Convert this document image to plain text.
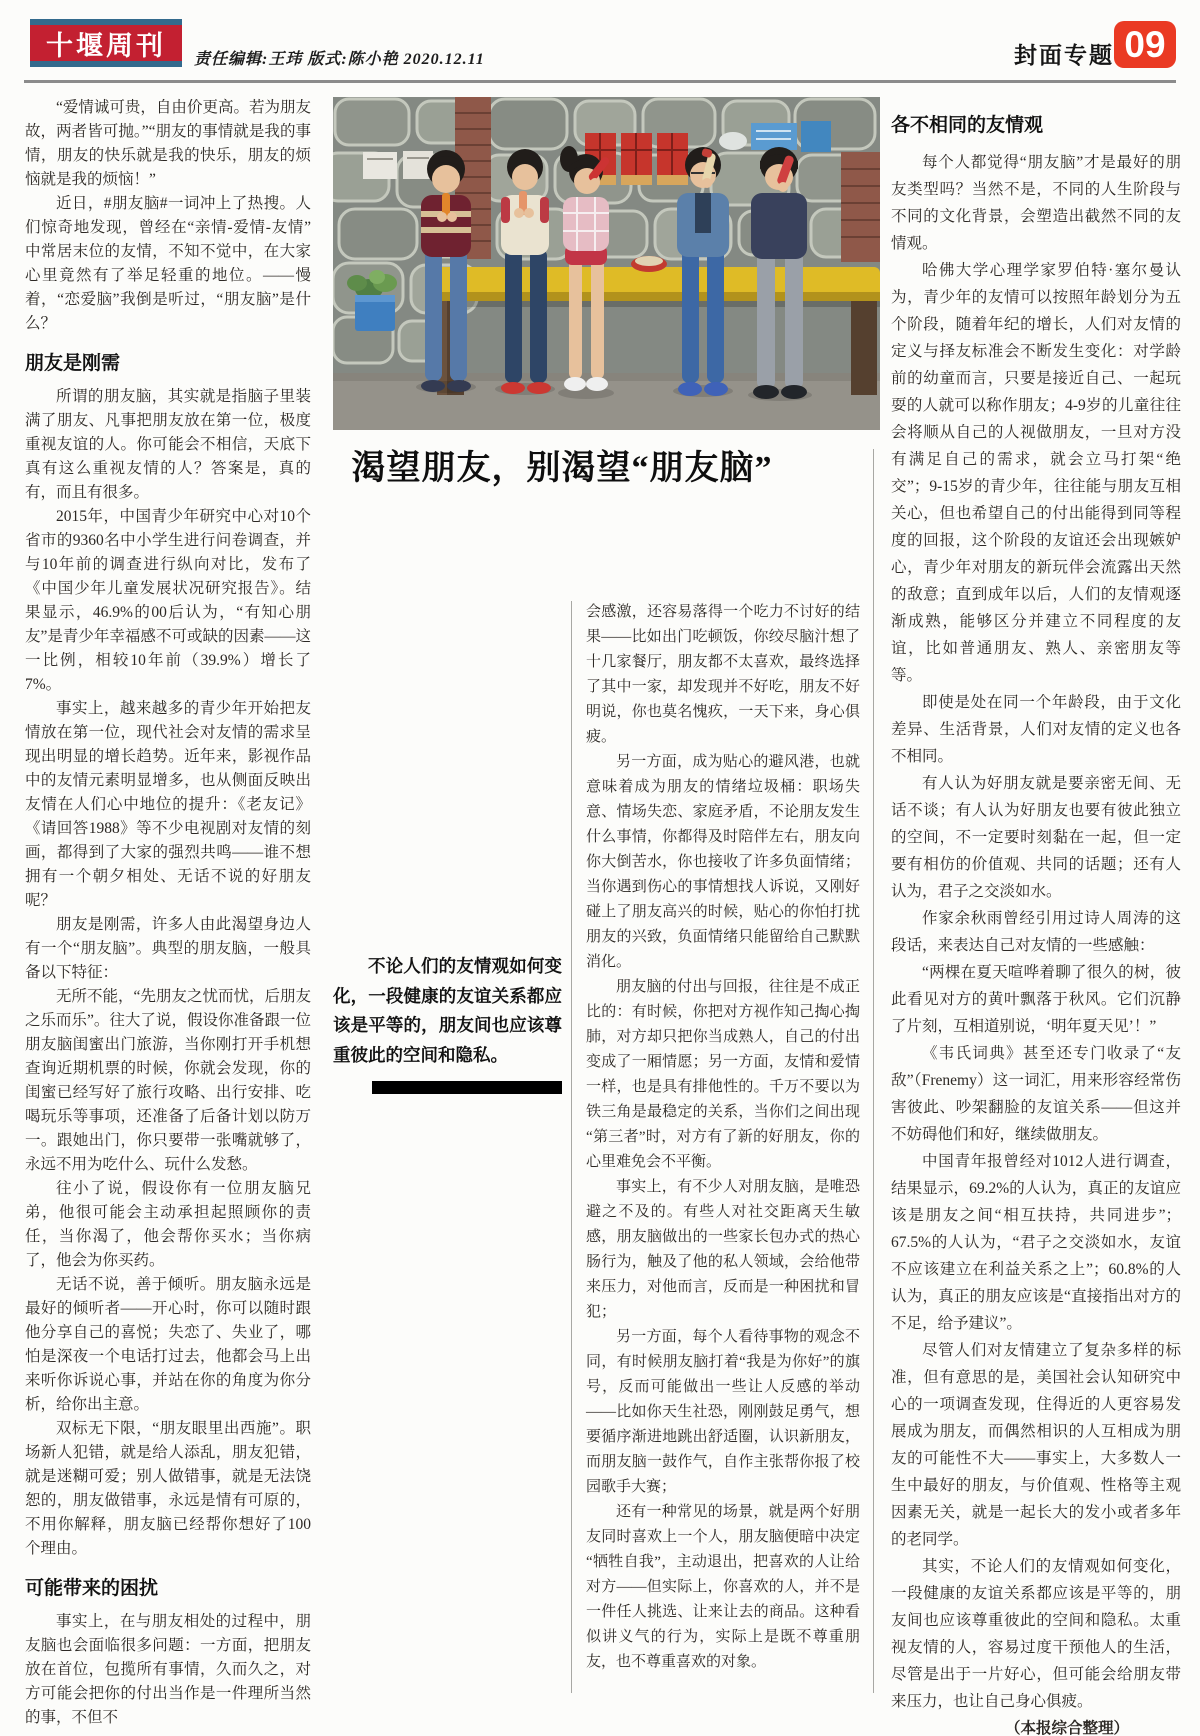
十堰周刊	责任编辑:王玮 版式:陈小艳 2020.12.11	封面专题 09

“爱情诚可贵，自由价更高。若为朋友故，两者皆可抛。”“朋友的事情就是我的事情，朋友的快乐就是我的快乐，朋友的烦恼就是我的烦恼！”

近日，#朋友脑#一词冲上了热搜。人们惊奇地发现，曾经在“亲情-爱情-友情”中常居末位的友情，不知不觉中，在大家心里竟然有了举足轻重的地位。——慢着，“恋爱脑”我倒是听过，“朋友脑”是什么？

朋友是刚需

所谓的朋友脑，其实就是指脑子里装满了朋友、凡事把朋友放在第一位，极度重视友谊的人。你可能会不相信，天底下真有这么重视友情的人？答案是，真的有，而且有很多。

2015年，中国青少年研究中心对10个省市的9360名中小学生进行问卷调查，并与10年前的调查进行纵向对比，发布了《中国少年儿童发展状况研究报告》。结果显示，46.9%的00后认为，“有知心朋友”是青少年幸福感不可或缺的因素——这一比例，相较10年前（39.9%）增长了7%。

事实上，越来越多的青少年开始把友情放在第一位，现代社会对友情的需求呈现出明显的增长趋势。近年来，影视作品中的友情元素明显增多，也从侧面反映出友情在人们心中地位的提升：《老友记》《请回答1988》等不少电视剧对友情的刻画，都得到了大家的强烈共鸣——谁不想拥有一个朝夕相处、无话不说的好朋友呢？

朋友是刚需，许多人由此渴望身边人有一个“朋友脑”。典型的朋友脑，一般具备以下特征：

无所不能，“先朋友之忧而忧，后朋友之乐而乐”。往大了说，假设你准备跟一位朋友脑闺蜜出门旅游，当你刚打开手机想查询近期机票的时候，你就会发现，你的闺蜜已经写好了旅行攻略、出行安排、吃喝玩乐等事项，还准备了后备计划以防万一。跟她出门，你只要带一张嘴就够了，永远不用为吃什么、玩什么发愁。

往小了说，假设你有一位朋友脑兄弟，他很可能会主动承担起照顾你的责任，当你渴了，他会帮你买水；当你病了，他会为你买药。

无话不说，善于倾听。朋友脑永远是最好的倾听者——开心时，你可以随时跟他分享自己的喜悦；失恋了、失业了，哪怕是深夜一个电话打过去，他都会马上出来听你诉说心事，并站在你的角度为你分析，给你出主意。

双标无下限，“朋友眼里出西施”。职场新人犯错，就是给人添乱，朋友犯错，就是迷糊可爱；别人做错事，就是无法饶恕的，朋友做错事，永远是情有可原的，不用你解释，朋友脑已经帮你想好了100个理由。

可能带来的困扰

事实上，在与朋友相处的过程中，朋友脑也会面临很多问题：一方面，把朋友放在首位，包揽所有事情，久而久之，对方可能会把你的付出当作是一件理所当然的事，不但不

渴望朋友，别渴望“朋友脑”

不论人们的友情观如何变化，一段健康的友谊关系都应该是平等的，朋友间也应该尊重彼此的空间和隐私。

会感激，还容易落得一个吃力不讨好的结果——比如出门吃顿饭，你绞尽脑汁想了十几家餐厅，朋友都不太喜欢，最终选择了其中一家，却发现并不好吃，朋友不好明说，你也莫名愧疚，一天下来，身心俱疲。

另一方面，成为贴心的避风港，也就意味着成为朋友的情绪垃圾桶：职场失意、情场失恋、家庭矛盾，不论朋友发生什么事情，你都得及时陪伴左右，朋友向你大倒苦水，你也接收了许多负面情绪；当你遇到伤心的事情想找人诉说，又刚好碰上了朋友高兴的时候，贴心的你怕打扰朋友的兴致，负面情绪只能留给自己默默消化。

朋友脑的付出与回报，往往是不成正比的：有时候，你把对方视作知己掏心掏肺，对方却只把你当成熟人，自己的付出变成了一厢情愿；另一方面，友情和爱情一样，也是具有排他性的。千万不要以为铁三角是最稳定的关系，当你们之间出现“第三者”时，对方有了新的好朋友，你的心里难免会不平衡。

事实上，有不少人对朋友脑，是唯恐避之不及的。有些人对社交距离天生敏感，朋友脑做出的一些家长包办式的热心肠行为，触及了他的私人领域，会给他带来压力，对他而言，反而是一种困扰和冒犯；

另一方面，每个人看待事物的观念不同，有时候朋友脑打着“我是为你好”的旗号，反而可能做出一些让人反感的举动——比如你天生社恐，刚刚鼓足勇气，想要循序渐进地跳出舒适圈，认识新朋友，而朋友脑一鼓作气，自作主张帮你报了校园歌手大赛；

还有一种常见的场景，就是两个好朋友同时喜欢上一个人，朋友脑便暗中决定“牺牲自我”，主动退出，把喜欢的人让给对方——但实际上，你喜欢的人，并不是一件任人挑选、让来让去的商品。这种看似讲义气的行为，实际上是既不尊重朋友，也不尊重喜欢的对象。

各不相同的友情观

每个人都觉得“朋友脑”才是最好的朋友类型吗？当然不是，不同的人生阶段与不同的文化背景，会塑造出截然不同的友情观。

哈佛大学心理学家罗伯特·塞尔曼认为，青少年的友情可以按照年龄划分为五个阶段，随着年纪的增长，人们对友情的定义与择友标准会不断发生变化：对学龄前的幼童而言，只要是接近自己、一起玩耍的人就可以称作朋友；4-9岁的儿童往往会将顺从自己的人视做朋友，一旦对方没有满足自己的需求，就会立马打架“绝交”；9-15岁的青少年，往往能与朋友互相关心，但也希望自己的付出能得到同等程度的回报，这个阶段的友谊还会出现嫉妒心，青少年对朋友的新玩伴会流露出天然的敌意；直到成年以后，人们的友情观逐渐成熟，能够区分并建立不同程度的友谊，比如普通朋友、熟人、亲密朋友等等。

即使是处在同一个年龄段，由于文化差异、生活背景，人们对友情的定义也各不相同。

有人认为好朋友就是要亲密无间、无话不谈；有人认为好朋友也要有彼此独立的空间，不一定要时刻黏在一起，但一定要有相仿的价值观、共同的话题；还有人认为，君子之交淡如水。

作家余秋雨曾经引用过诗人周涛的这段话，来表达自己对友情的一些感触：

“两棵在夏天喧哗着聊了很久的树，彼此看见对方的黄叶飘落于秋风。它们沉静了片刻，互相道别说，‘明年夏天见’！”

《韦氏词典》甚至还专门收录了“友敌”（Frenemy）这一词汇，用来形容经常伤害彼此、吵架翻脸的友谊关系——但这并不妨碍他们和好，继续做朋友。

中国青年报曾经对1012人进行调查，结果显示，69.2%的人认为，真正的友谊应该是朋友之间“相互扶持，共同进步”；67.5%的人认为，“君子之交淡如水，友谊不应该建立在利益关系之上”；60.8%的人认为，真正的朋友应该是“直接指出对方的不足，给予建议”。

尽管人们对友情建立了复杂多样的标准，但有意思的是，美国社会认知研究中心的一项调查发现，住得近的人更容易发展成为朋友，而偶然相识的人互相成为朋友的可能性不大——事实上，大多数人一生中最好的朋友，与价值观、性格等主观因素无关，就是一起长大的发小或者多年的老同学。

其实，不论人们的友情观如何变化，一段健康的友谊关系都应该是平等的，朋友间也应该尊重彼此的空间和隐私。太重视友情的人，容易过度干预他人的生活，尽管是出于一片好心，但可能会给朋友带来压力，也让自己身心俱疲。

（本报综合整理）
